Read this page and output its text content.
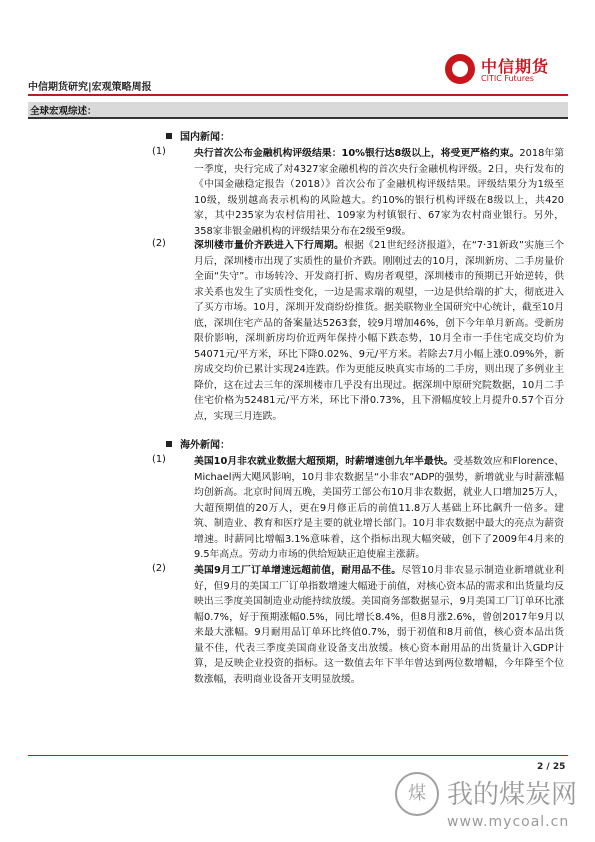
中信期货
CITIC Futures
中信期货研究|宏观策略周报
全球宏观综述：
国内新闻：
(1)	央行首次公布金融机构评级结果：10%银行达8级以上，将受更严格约束。2018年第一季度，央行完成了对4327家金融机构的首次央行金融机构评级。2日，央行发布的《中国金融稳定报告（2018）》首次公布了金融机构评级结果。评级结果分为1级至10级，级别越高表示机构的风险越大。约10%的银行机构评级在8级以上，共420家，其中235家为农村信用社、109家为村镇银行、67家为农村商业银行。另外，358家非银金融机构的评级结果分布在2级至9级。
(2)	深圳楼市量价齐跌进入下行周期。根据《21世纪经济报道》，在“7·31新政”实施三个月后，深圳楼市出现了实质性的量价齐跌。刚刚过去的10月，深圳新房、二手房量价全面“失守”。市场转冷、开发商打折、购房者观望，深圳楼市的预期已开始逆转，供求关系也发生了实质性变化，一边是需求端的观望，一边是供给端的扩大，彻底进入了买方市场。10月，深圳开发商纷纷推货。据美联物业全国研究中心统计，截至10月底，深圳住宅产品的备案量达5263套，较9月增加46%，创下今年单月新高。受新房限价影响，深圳新房均价近两年保持小幅下跌态势，10月全市一手住宅成交均价为54071元/平方米，环比下降0.02%、9元/平方米。若除去7月小幅上涨0.09%外，新房成交均价已累计实现24连跌。作为更能反映真实市场的二手房，则出现了多例业主降价，这在过去三年的深圳楼市几乎没有出现过。据深圳中原研究院数据，10月二手住宅价格为52481元/平方米，环比下滑0.73%，且下滑幅度较上月提升0.57个百分点，实现三月连跌。
海外新闻：
(1)	美国10月非农就业数据大超预期，时薪增速创九年半最快。受基数效应和Florence、Michael两大飓风影响，10月非农数据呈“小非农”ADP的强势，新增就业与时薪涨幅均创新高。北京时间周五晚，美国劳工部公布10月非农数据，就业人口增加25万人，大超预期值的20万人，更在9月修正后的前值11.8万人基础上环比飙升一倍多。建筑、制造业、教育和医疗是主要的就业增长部门。10月非农数据中最大的亮点为薪资增速。时薪同比增幅3.1%意味着，这个指标出现大幅突破，创下了2009年4月来的9.5年高点。劳动力市场的供给短缺正迫使雇主涨薪。
(2)	美国9月工厂订单增速远超前值，耐用品不佳。尽管10月非农显示制造业新增就业利好，但9月的美国工厂订单指数增速大幅逊于前值，对核心资本品的需求和出货量均反映出三季度美国制造业动能持续放缓。美国商务部数据显示，9月美国工厂订单环比涨幅0.7%，好于预期涨幅0.5%，同比增长8.4%，但8月涨2.6%，曾创2017年9月以来最大涨幅。9月耐用品订单环比终值0.7%，弱于初值和8月前值，核心资本品出货量不佳，代表三季度美国商业设备支出放缓。核心资本耐用品的出货量计入GDP计算，是反映企业投资的指标。这一数值去年下半年曾达到两位数增幅，今年降至个位数涨幅，表明商业设备开支明显放缓。
2 / 25
煤 我的煤炭网
www.mycoal.cn
